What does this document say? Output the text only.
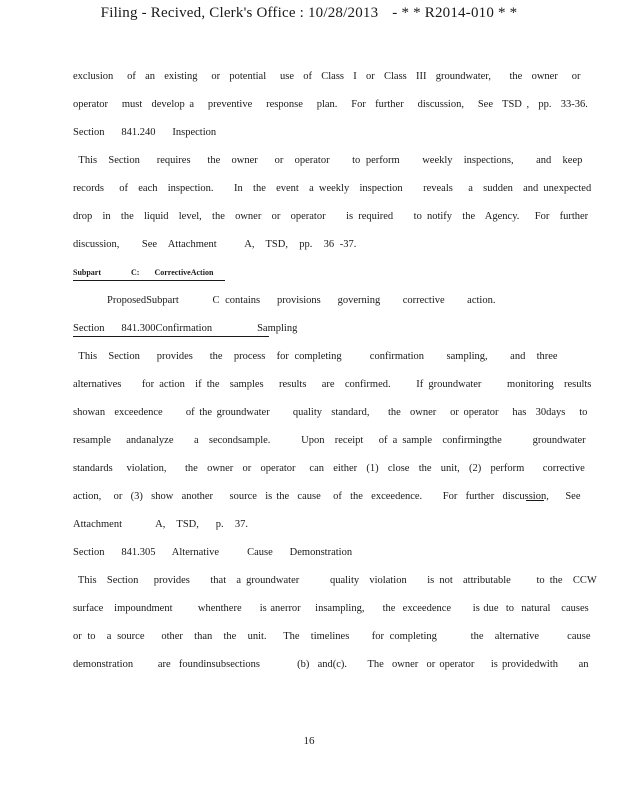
Filing - Recived, Clerk's Office : 10/28/2013 - * * R2014-010 * *
exclusion   of  an  existing   or  potential   use  of  Class  I  or  Class  III  groundwater,    the  owner   or
operator   must  develop a   preventive   response   plan.   For  further   discussion,   See  TSD ,  pp.  33-36.
Section   841.240   Inspection
This  Section   requires   the  owner   or  operator    to perform    weekly  inspections,    and  keep
records   of  each  inspection.    In  the  event  a weekly  inspection    reveals   a  sudden  and unexpected
drop  in  the  liquid  level,  the  owner  or  operator    is required    to notify  the  Agency.   For  further
discussion,    See  Attachment     A,  TSD,  pp.  36 -37.
Subpart      C:   CorrectiveAction
ProposedSubpart      C contains   provisions   governing    corrective    action.
Section   841.300Confirmation        Sampling
This  Section   provides   the  process  for completing     confirmation    sampling,    and  three
alternatives    for action  if the  samples   results   are  confirmed.     If groundwater     monitoring  results
showan  exceedence     of the groundwater     quality  standard,    the  owner   or operator   has  30days   to
resample   andanalyze    a  secondsample.      Upon  receipt   of a sample  confirmingthe      groundwater
standards   violation,    the  owner  or  operator   can  either  (1)  close  the  unit,  (2)  perform    corrective
action,   or  (3)  show  another    source  is the  cause   of  the  exceedence.     For  further  discussion,    See
Attachment      A,  TSD,   p.  37.
Section   841.305   Alternative     Cause   Demonstration
This  Section   provides    that  a groundwater      quality  violation    is not  attributable     to the  CCW
surface   impoundment       whenthere     is anerror    insampling,     the  exceedence      is due  to  natural   causes
or to  a source   other  than  the  unit.   The  timelines    for completing      the  alternative     cause
demonstration      are  foundinsubsections         (b)  and(c).     The  owner  or operator    is providedwith     an
16
